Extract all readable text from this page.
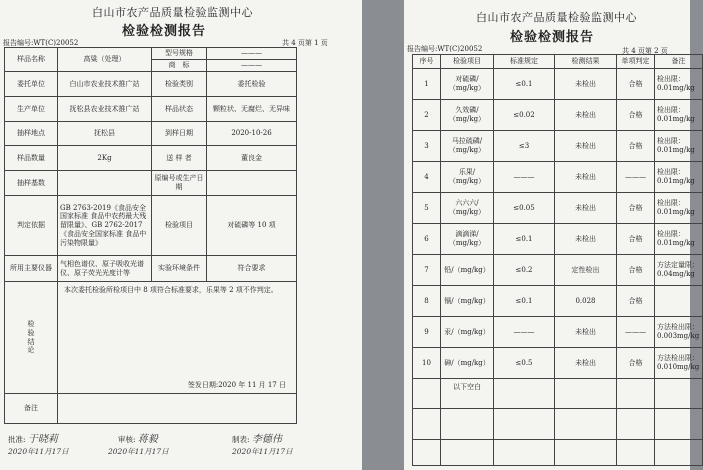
白山市农产品质量检验监测中心
检验检测报告
报告编号:WT(C)20052	共 4 页第 1 页
样品名称	高粱（处理）	型号规格	———
		商　标	———
委托单位	白山市农业技术推广站	检验类别	委托检验
生产单位	抚松县农业技术推广站	样品状态	颗粒状、无腐烂、无异味
抽样地点	抚松县	到样日期	2020-10-26
样品数量	2Kg	送 样 者	董良金
抽样基数		原编号或生产日期	
判定依据	GB 2763-2019《食品安全国家标准 食品中农药最大残留限量》、GB 2762-2017《食品安全国家标准 食品中污染物限量》	检验项目	对硫磷等 10 项
所用主要仪器	气相色谱仪、原子吸收光谱仪、原子荧光光度计等	实验环境条件	符合要求
检验结论	本次委托检验所检项目中 8 项符合标准要求，乐果等 2 项不作判定。
签发日期:2020 年 11 月 17 日		

备注			
批准: 于晓莉
2020年11月17日
审核: 蒋毅
2020年11月17日
制表: 李德伟
2020年11月17日
白山市农产品质量检验监测中心
检验检测报告
报告编号:WT(C)20052	共 4 页第 2 页
序号	检验项目	标准规定	检测结果	单项判定	备注
1	对硫磷/（mg/kg）	≤0.1	未检出	合格	检出限：0.01mg/kg
2	久效磷/（mg/kg）	≤0.02	未检出	合格	检出限：0.01mg/kg
3	马拉硫磷/（mg/kg）	≤3	未检出	合格	检出限：0.01mg/kg
4	乐果/（mg/kg）	———	未检出	———	检出限：0.01mg/kg
5	六六六/（mg/kg）	≤0.05	未检出	合格	检出限：0.01mg/kg
6	滴滴涕/（mg/kg）	≤0.1	未检出	合格	检出限：0.01mg/kg
7	铅/（mg/kg）	≤0.2	定性检出	合格	方法定量限：0.04mg/kg
8	镉/（mg/kg）	≤0.1	0.028	合格	
9	汞/（mg/kg）	———	未检出	———	方法检出限：0.003mg/kg
10	砷/（mg/kg）	≤0.5	未检出	合格	方法检出限：0.010mg/kg
	以下空白				
